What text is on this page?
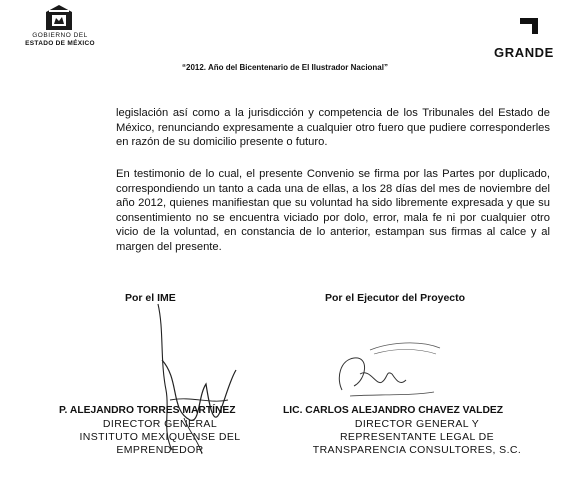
GOBIERNO DEL
ESTADO DE MÉXICO
GRANDE
“2012. Año del Bicentenario de El Ilustrador Nacional”
legislación así como a la jurisdicción y competencia de los Tribunales del Estado de México, renunciando expresamente a cualquier otro fuero que pudiere corresponderles en razón de su domicilio presente o futuro.
En testimonio de lo cual, el presente Convenio se firma por las Partes por duplicado, correspondiendo un tanto a cada una de ellas, a los 28 días del mes de noviembre del año 2012, quienes manifiestan que su voluntad ha sido libremente expresada y que su consentimiento no se encuentra viciado por dolo, error, mala fe ni por cualquier otro vicio de la voluntad, en constancia de lo anterior, estampan sus firmas al calce y al margen del presente.
Por el IME
P. ALEJANDRO TORRES MARTÍNEZ
DIRECTOR GENERAL
INSTITUTO MEXIQUENSE DEL
EMPRENDEDOR
Por el Ejecutor del Proyecto
LIC. CARLOS ALEJANDRO CHAVEZ VALDEZ
DIRECTOR GENERAL Y
REPRESENTANTE LEGAL DE
TRANSPARENCIA CONSULTORES, S.C.
